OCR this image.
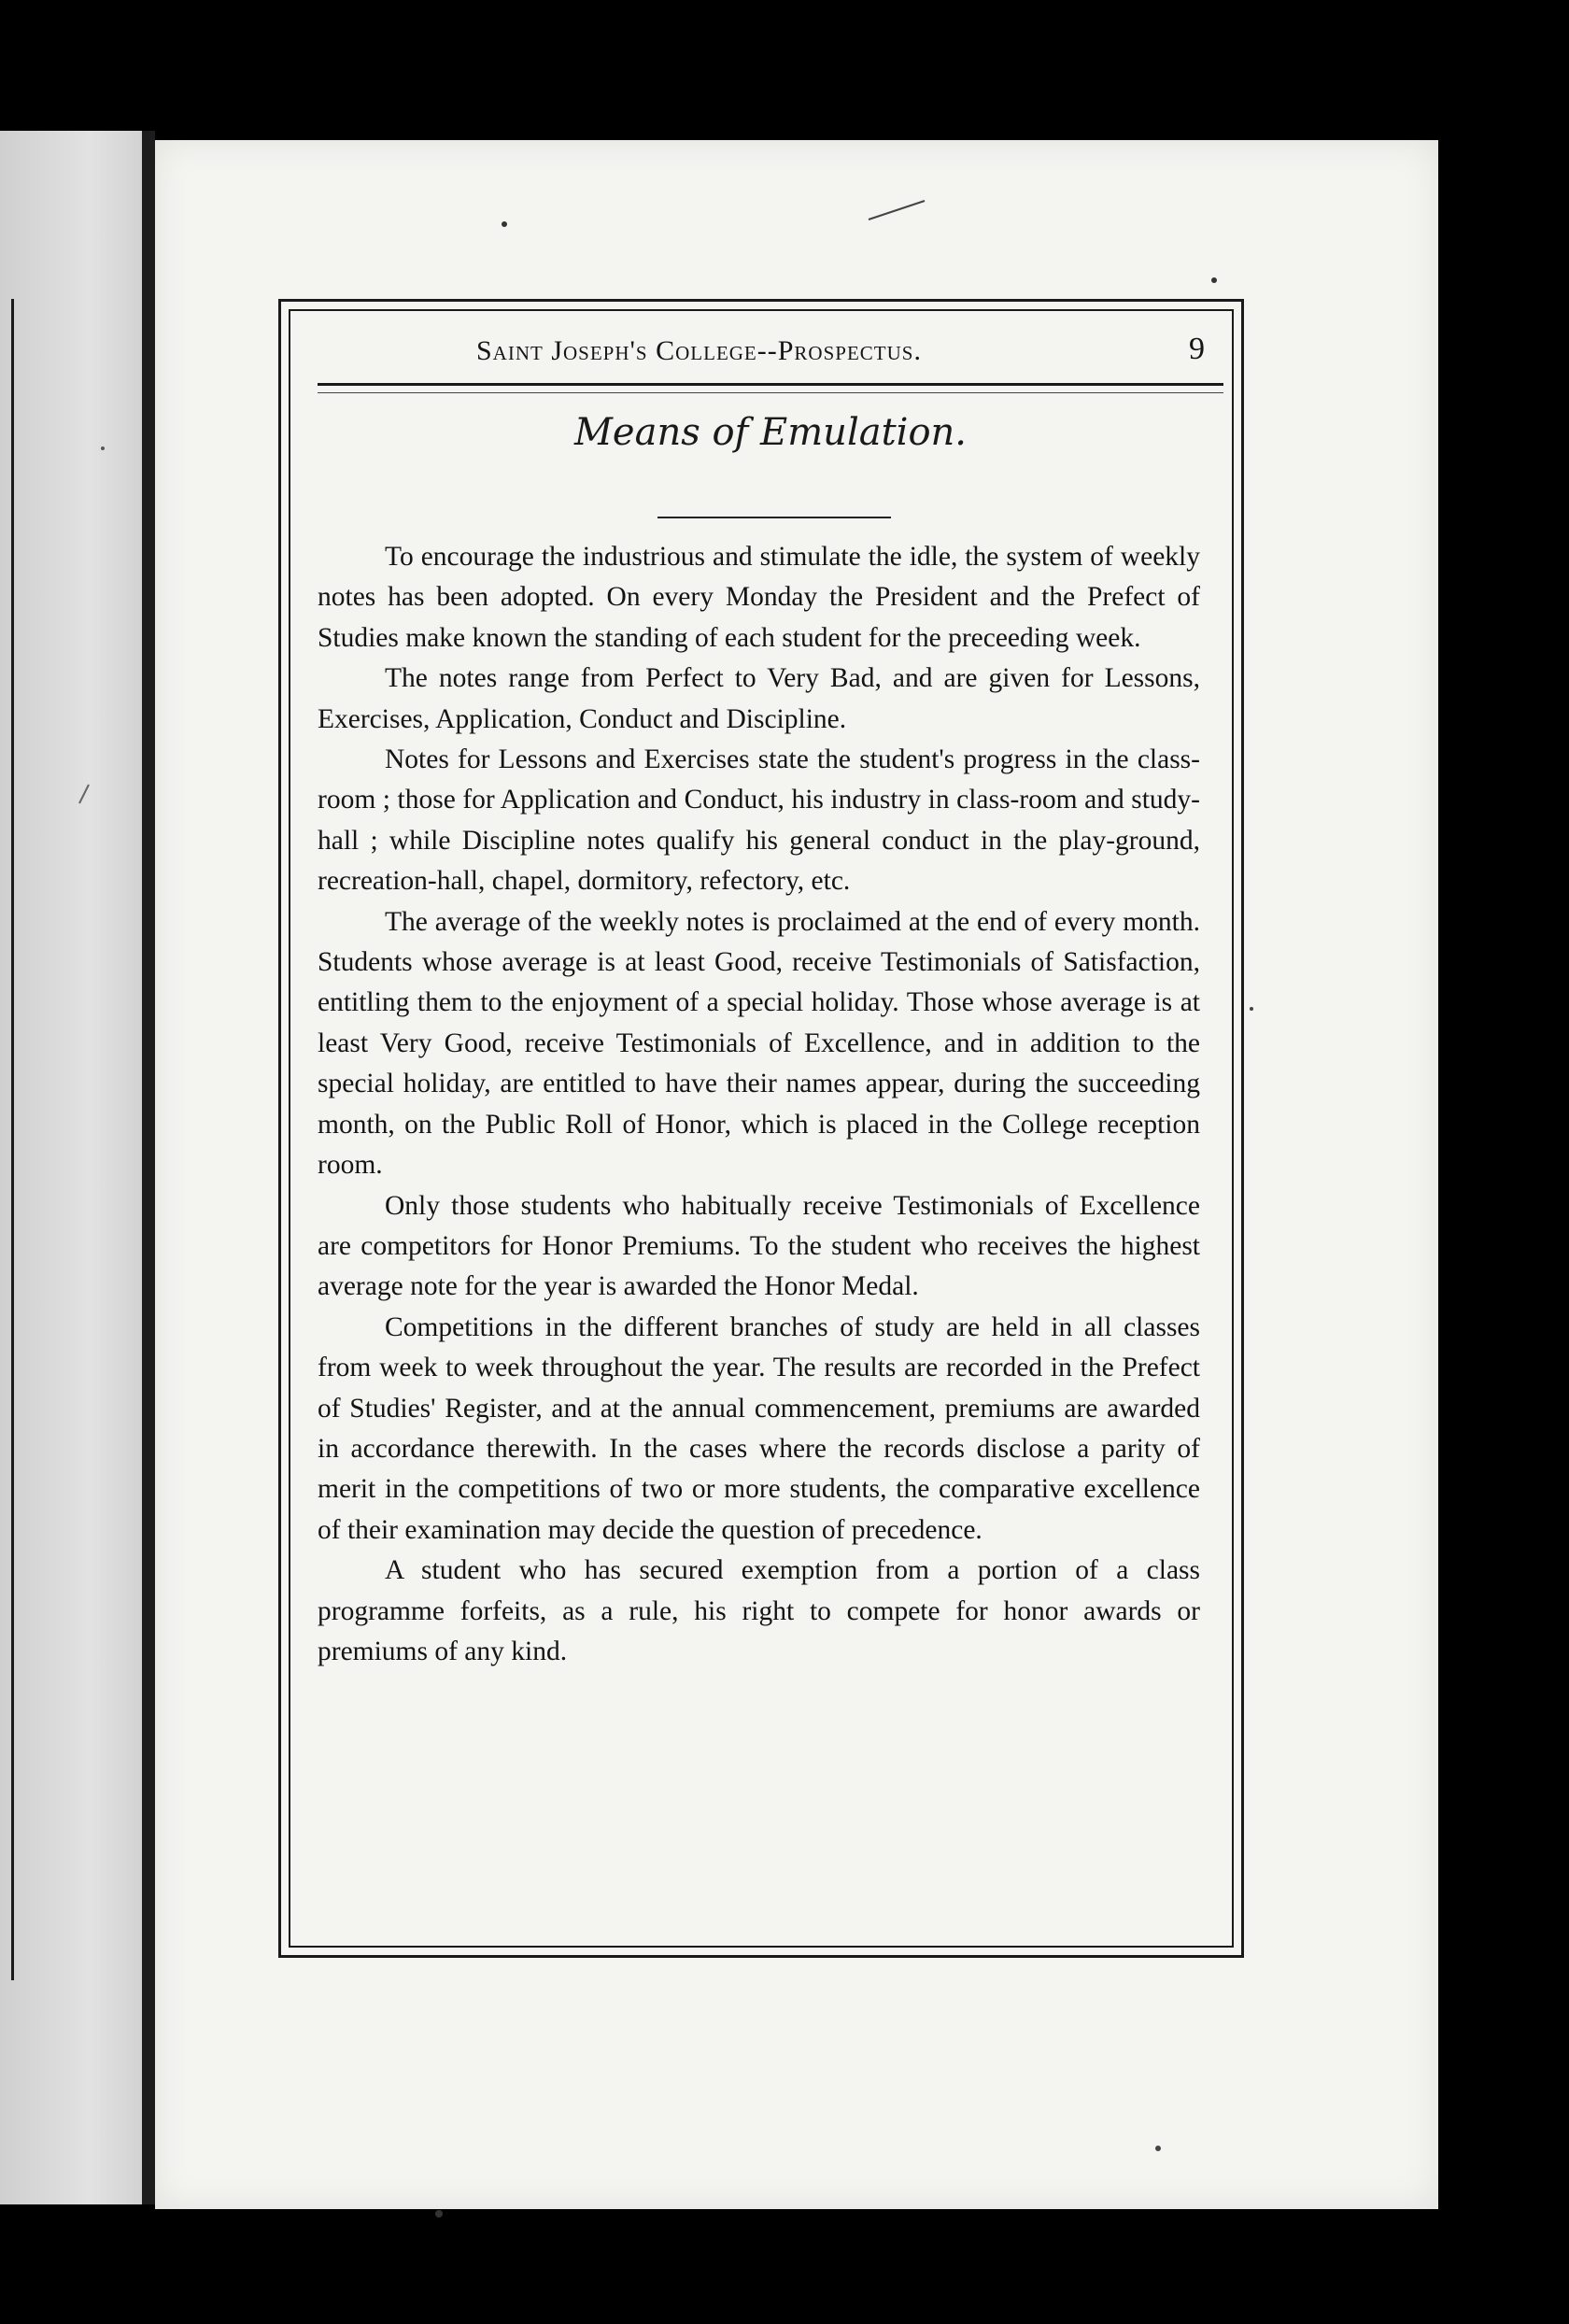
Saint Joseph's College--Prospectus.	9
Means of Emulation.

To encourage the industrious and stimulate the idle, the system of weekly notes has been adopted. On every Monday the President and the Prefect of Studies make known the standing of each student for the preceeding week.

The notes range from Perfect to Very Bad, and are given for Lessons, Exercises, Application, Conduct and Discipline.

Notes for Lessons and Exercises state the student's progress in the class-room ; those for Application and Conduct, his industry in class-room and study-hall ; while Discipline notes qualify his general conduct in the play-ground, recreation-hall, chapel, dormitory, refectory, etc.

The average of the weekly notes is proclaimed at the end of every month. Students whose average is at least Good, receive Testimonials of Satisfaction, entitling them to the enjoyment of a special holiday. Those whose average is at least Very Good, receive Testimonials of Excellence, and in addition to the special holiday, are entitled to have their names appear, during the succeeding month, on the Public Roll of Honor, which is placed in the College reception room.

Only those students who habitually receive Testimonials of Excellence are competitors for Honor Premiums. To the student who receives the highest average note for the year is awarded the Honor Medal.

Competitions in the different branches of study are held in all classes from week to week throughout the year. The results are recorded in the Prefect of Studies' Register, and at the annual commencement, premiums are awarded in accordance therewith. In the cases where the records disclose a parity of merit in the competitions of two or more students, the comparative excellence of their examination may decide the question of precedence.

A student who has secured exemption from a portion of a class programme forfeits, as a rule, his right to compete for honor awards or premiums of any kind.
